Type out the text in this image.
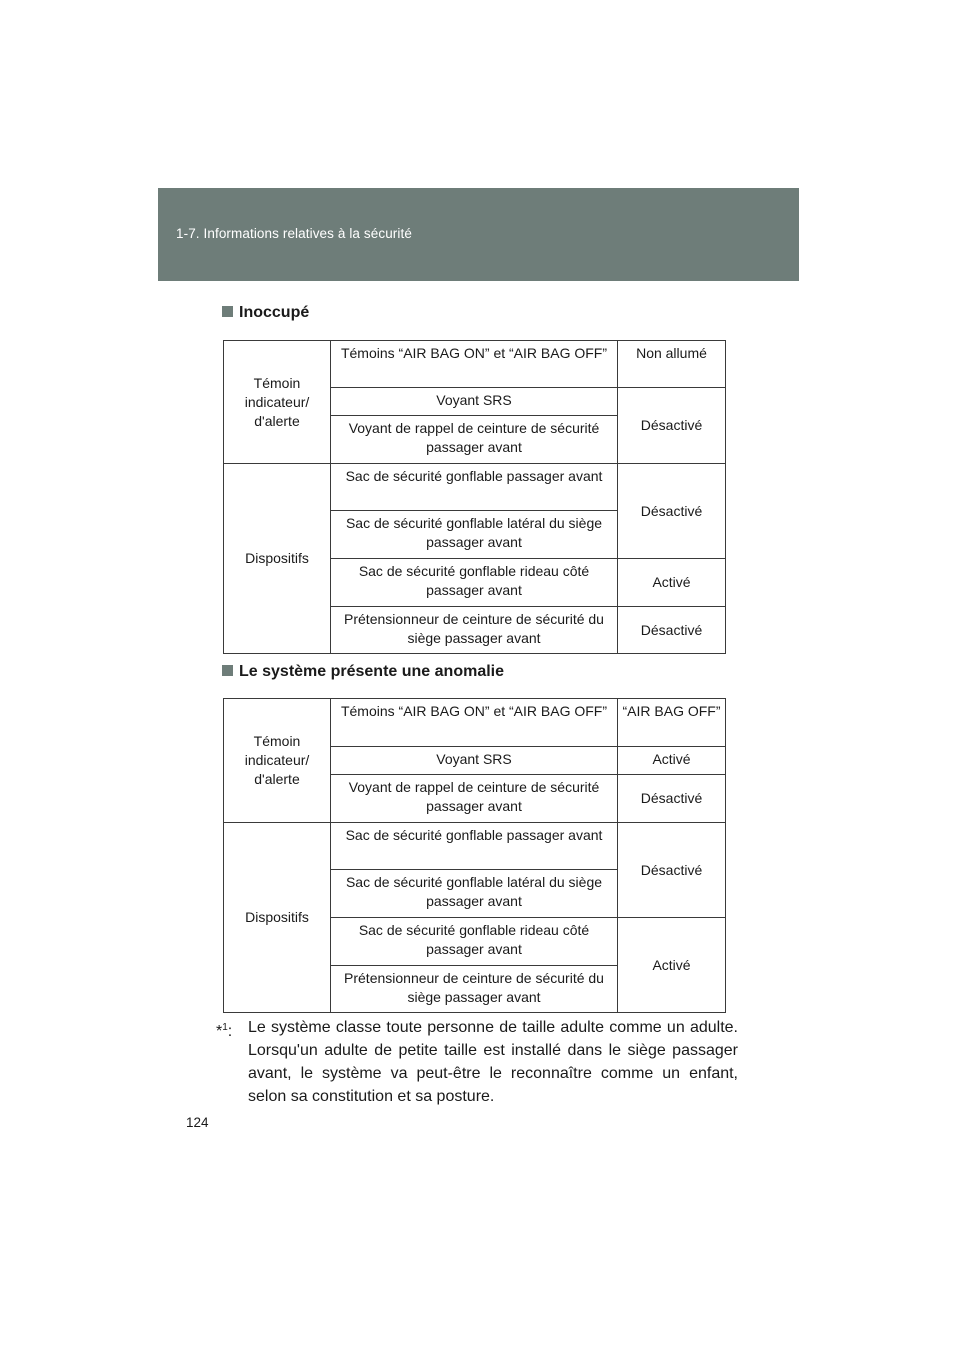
1-7. Informations relatives à la sécurité
Inoccupé
Témoin indicateur/ d'alerte	Témoins “AIR BAG ON” et “AIR BAG OFF”	Non allumé
	Voyant SRS	Désactivé
	Voyant de rappel de ceinture de sécurité passager avant	
Dispositifs	Sac de sécurité gonflable passager avant	Désactivé
	Sac de sécurité gonflable latéral du siège passager avant	
	Sac de sécurité gonflable rideau côté passager avant	Activé
	Prétensionneur de ceinture de sécurité du siège passager avant	Désactivé
Le système présente une anomalie
Témoin indicateur/ d'alerte	Témoins “AIR BAG ON” et “AIR BAG OFF”	“AIR BAG OFF”
	Voyant SRS	Activé
	Voyant de rappel de ceinture de sécurité passager avant	Désactivé
Dispositifs	Sac de sécurité gonflable passager avant	Désactivé
	Sac de sécurité gonflable latéral du siège passager avant	
	Sac de sécurité gonflable rideau côté passager avant	Activé
	Prétensionneur de ceinture de sécurité du siège passager avant	
*$^1$: Le système classe toute personne de taille adulte comme un adulte. Lorsqu'un adulte de petite taille est installé dans le siège passager avant, le système va peut-être le reconnaître comme un enfant, selon sa constitution et sa posture.
124
